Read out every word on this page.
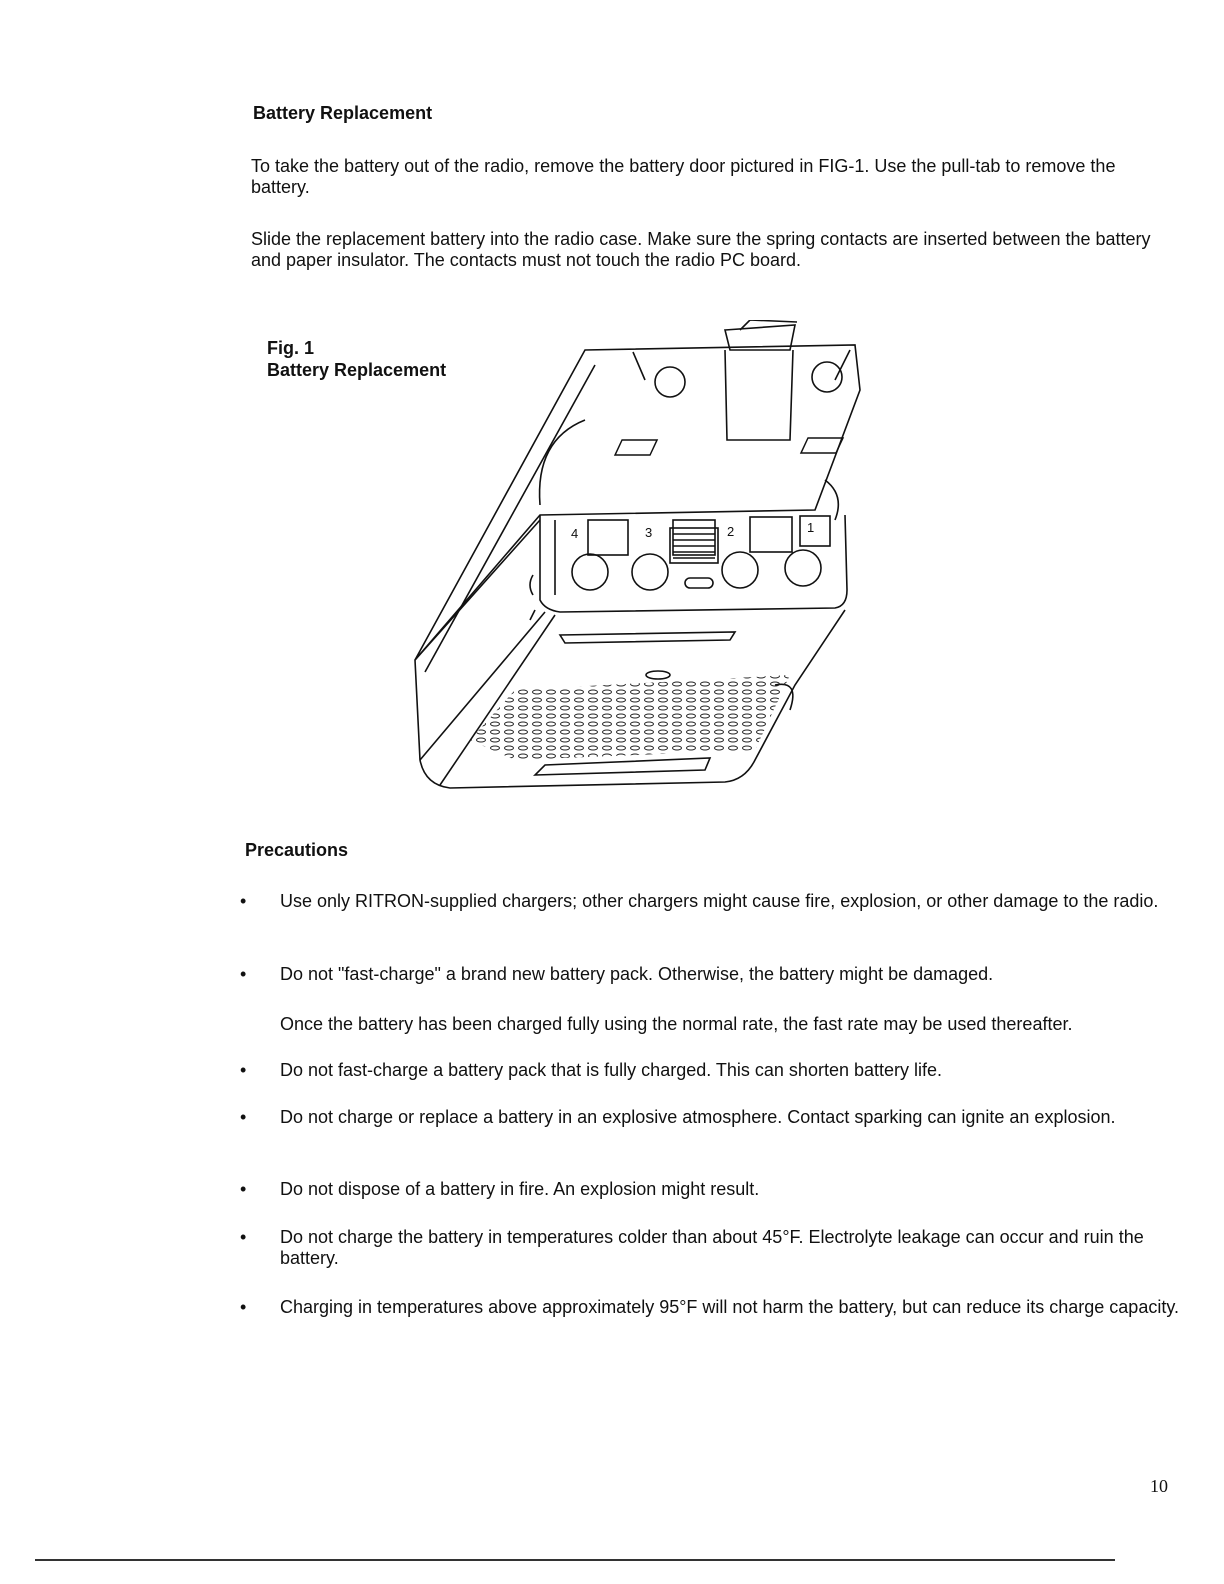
Battery Replacement
To take the battery out of the radio, remove the battery door pictured in FIG-1. Use the pull-tab to remove the battery.
Slide the replacement battery into the radio case. Make sure the spring contacts are inserted between the battery and paper insulator. The contacts must not touch the radio PC board.
Fig. 1
Battery Replacement
4	3	2	1
Precautions
• Use only RITRON-supplied chargers; other chargers might cause fire, explosion, or other damage to the radio.
• Do not "fast-charge" a brand new battery pack. Otherwise, the battery might be damaged.
Once the battery has been charged fully using the normal rate, the fast rate may be used thereafter.
• Do not fast-charge a battery pack that is fully charged. This can shorten battery life.
• Do not charge or replace a battery in an explosive atmosphere. Contact sparking can ignite an explosion.
• Do not dispose of a battery in fire. An explosion might result.
• Do not charge the battery in temperatures colder than about 45°F. Electrolyte leakage can occur and ruin the battery.
• Charging in temperatures above approximately 95°F will not harm the battery, but can reduce its charge capacity.
10
